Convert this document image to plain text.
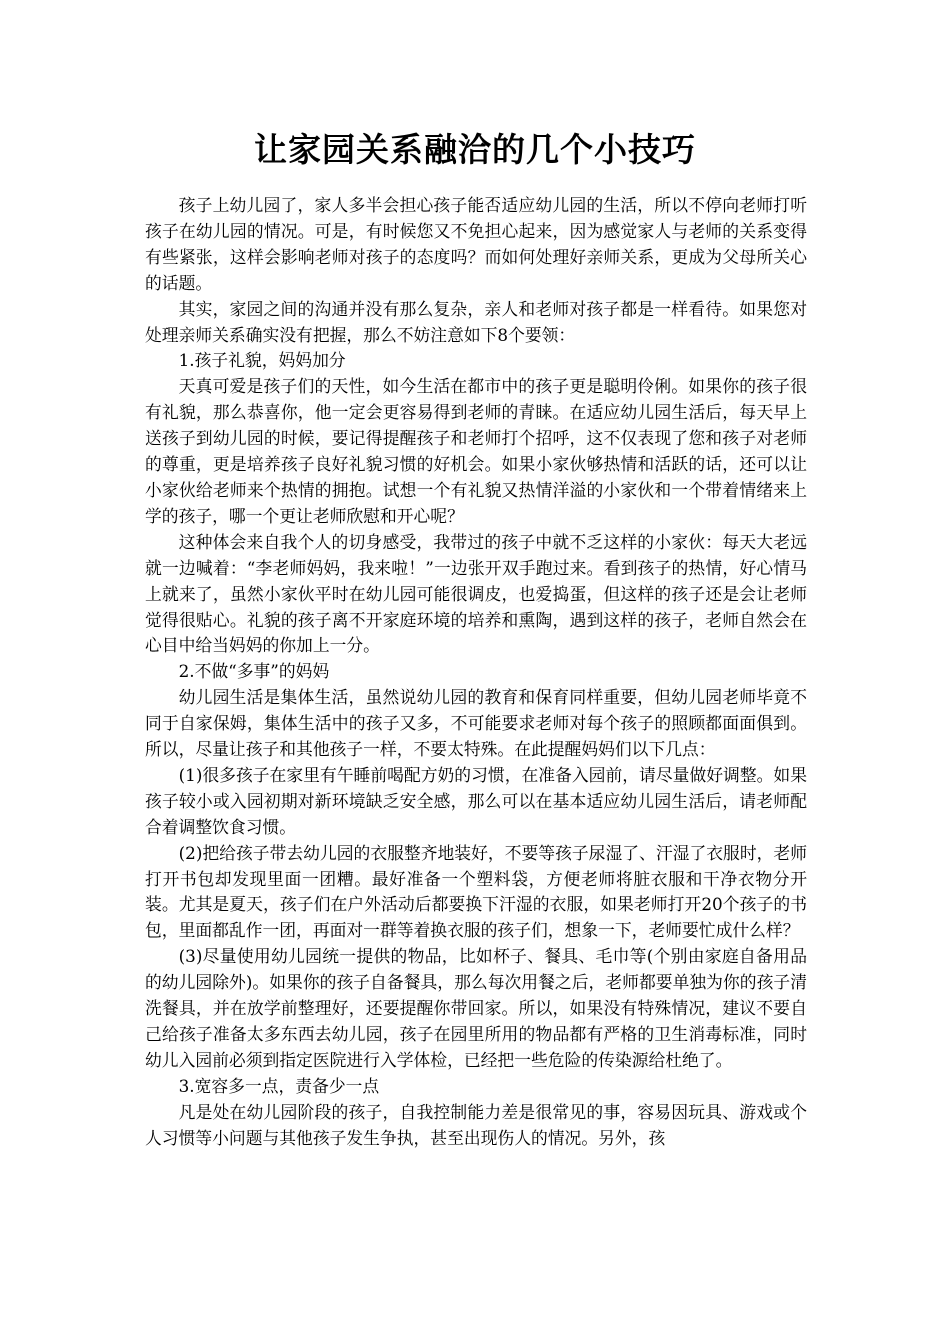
让家园关系融洽的几个小技巧

孩子上幼儿园了，家人多半会担心孩子能否适应幼儿园的生活，所以不停向老师打听孩子在幼儿园的情况。可是，有时候您又不免担心起来，因为感觉家人与老师的关系变得有些紧张，这样会影响老师对孩子的态度吗？而如何处理好亲师关系，更成为父母所关心的话题。

其实，家园之间的沟通并没有那么复杂，亲人和老师对孩子都是一样看待。如果您对处理亲师关系确实没有把握，那么不妨注意如下8个要领：

1.孩子礼貌，妈妈加分

天真可爱是孩子们的天性，如今生活在都市中的孩子更是聪明伶俐。如果你的孩子很有礼貌，那么恭喜你，他一定会更容易得到老师的青睐。在适应幼儿园生活后，每天早上送孩子到幼儿园的时候，要记得提醒孩子和老师打个招呼，这不仅表现了您和孩子对老师的尊重，更是培养孩子良好礼貌习惯的好机会。如果小家伙够热情和活跃的话，还可以让小家伙给老师来个热情的拥抱。试想一个有礼貌又热情洋溢的小家伙和一个带着情绪来上学的孩子，哪一个更让老师欣慰和开心呢？

这种体会来自我个人的切身感受，我带过的孩子中就不乏这样的小家伙：每天大老远就一边喊着：“李老师妈妈，我来啦！”一边张开双手跑过来。看到孩子的热情，好心情马上就来了，虽然小家伙平时在幼儿园可能很调皮，也爱捣蛋，但这样的孩子还是会让老师觉得很贴心。礼貌的孩子离不开家庭环境的培养和熏陶，遇到这样的孩子，老师自然会在心目中给当妈妈的你加上一分。

2.不做“多事”的妈妈

幼儿园生活是集体生活，虽然说幼儿园的教育和保育同样重要，但幼儿园老师毕竟不同于自家保姆，集体生活中的孩子又多，不可能要求老师对每个孩子的照顾都面面俱到。所以，尽量让孩子和其他孩子一样，不要太特殊。在此提醒妈妈们以下几点：

(1)很多孩子在家里有午睡前喝配方奶的习惯，在准备入园前，请尽量做好调整。如果孩子较小或入园初期对新环境缺乏安全感，那么可以在基本适应幼儿园生活后，请老师配合着调整饮食习惯。

(2)把给孩子带去幼儿园的衣服整齐地装好，不要等孩子尿湿了、汗湿了衣服时，老师打开书包却发现里面一团糟。最好准备一个塑料袋，方便老师将脏衣服和干净衣物分开装。尤其是夏天，孩子们在户外活动后都要换下汗湿的衣服，如果老师打开20个孩子的书包，里面都乱作一团，再面对一群等着换衣服的孩子们，想象一下，老师要忙成什么样？

(3)尽量使用幼儿园统一提供的物品，比如杯子、餐具、毛巾等(个别由家庭自备用品的幼儿园除外)。如果你的孩子自备餐具，那么每次用餐之后，老师都要单独为你的孩子清洗餐具，并在放学前整理好，还要提醒你带回家。所以，如果没有特殊情况，建议不要自己给孩子准备太多东西去幼儿园，孩子在园里所用的物品都有严格的卫生消毒标准，同时幼儿入园前必须到指定医院进行入学体检，已经把一些危险的传染源给杜绝了。

3.宽容多一点，责备少一点

凡是处在幼儿园阶段的孩子，自我控制能力差是很常见的事，容易因玩具、游戏或个人习惯等小问题与其他孩子发生争执，甚至出现伤人的情况。另外，孩
